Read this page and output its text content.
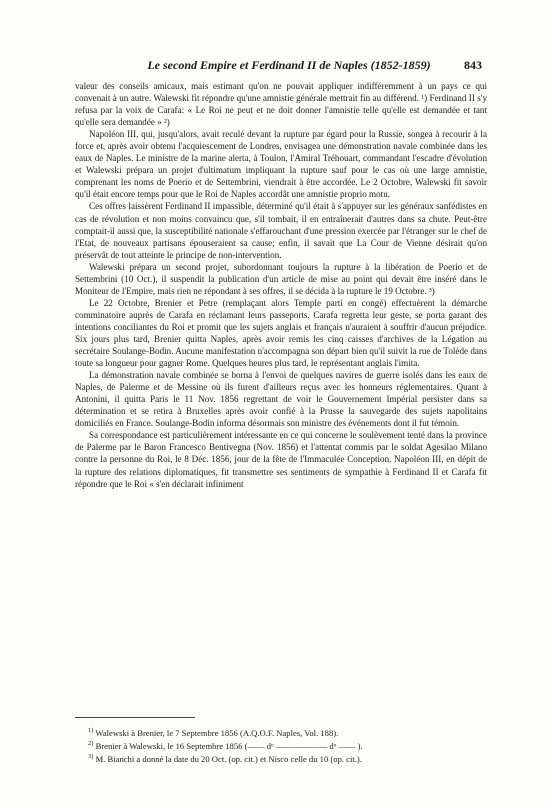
Le second Empire et Ferdinand II de Naples (1852-1859)	843

valeur des conseils amicaux, mais estimant qu'on ne pouvait appliquer indifféremment à un pays ce qui convenait à un autre. Walewski fit répondre qu'une amnistie générale mettrait fin au différend. ¹) Ferdinand II s'y refusa par la voix de Carafa: « Le Roi ne peut et ne doit donner l'amnistie telle qu'elle est demandée et tant qu'elle sera demandée » ²)

Napoléon III, qui, jusqu'alors, avait reculé devant la rupture par égard pour la Russie, songea à recourir à la force et, après avoir obtenu l'acquiescement de Londres, envisagea une démonstration navale combinée dans les eaux de Naples. Le ministre de la marine alerta, à Toulon, l'Amiral Tréhouart, commandant l'escadre d'évolution et Walewski prépara un projet d'ultimatum impliquant la rupture sauf pour le cas où une large amnistie, comprenant les noms de Poerio et de Settembrini, viendrait à être accordée. Le 2 Octobre, Walewski fit savoir qu'il était encore temps pour que le Roi de Naples accordât une amnistie proprio motu.

Ces offres laissèrent Ferdinand II impassible, déterminé qu'il était à s'appuyer sur les généraux sanfédistes en cas de révolution et non moins convaincu que, s'il tombait, il en entraînerait d'autres dans sa chute. Peut-être comptait-il aussi que, la susceptibilité nationale s'effarouchant d'une pression exercée par l'étranger sur le chef de l'Etat, de nouveaux partisans épouseraient sa cause; enfin, il savait que La Cour de Vienne désirait qu'on préservât de tout atteinte le principe de non-intervention.

Walewski prépara un second projet, subordonnant toujours la rupture à la libération de Poerio et de Settembrini (10 Oct.), il suspendit la publication d'un article de mise au point qui devait être inséré dans le Moniteur de l'Empire, mais rien ne répondant à ses offres, il se décida à la rupture le 19 Octobre. ³)

Le 22 Octobre, Brenier et Petre (remplaçant alors Temple parti en congé) effectuèrent la démarche comminatoire auprès de Carafa en réclamant leurs passeports. Carafa regretta leur geste, se porta garant des intentions conciliantes du Roi et promit que les sujets anglais et français n'auraient à souffrir d'aucun préjudice. Six jours plus tard, Brenier quitta Naples, après avoir remis les cinq caisses d'archives de la Légation au secrétaire Soulange-Bodin. Aucune manifestation n'accompagna son départ bien qu'il suivit la rue de Tolède dans toute sa longueur pour gagner Rome. Quelques heures plus tard, le représentant anglais l'imita.

La démonstration navale combinée se borna à l'envoi de quelques navires de guerre isolés dans les eaux de Naples, de Palerme et de Messine où ils furent d'ailleurs reçus avec les honneurs réglementaires. Quant à Antonini, il quitta Paris le 11 Nov. 1856 regrettant de voir le Gouvernement Impérial persister dans sa détermination et se retira à Bruxelles après avoir confié à la Prusse la sauvegarde des sujets napolitains domiciliés en France. Soulange-Bodin informa désormais son ministre des événements dont il fut témoin.

Sa correspondance est particulièrement intéressante en ce qui concerne le soulèvement tenté dans la province de Palerme par le Baron Francesco Bentivegna (Nov. 1856) et l'attentat commis par le soldat Agesilao Milano contre la personne du Roi, le 8 Déc. 1856, jour de la fête de l'Immaculée Conception. Napoléon III, en dépit de la rupture des relations diplomatiques, fit transmettre ses sentiments de sympathie à Ferdinand II et Carafa fit répondre que le Roi « s'en déclarait infiniment

$^{1)}$ Walewski à Brenier, le 7 Septembre 1856 (A.Q.O.F. Naples, Vol. 188).
$^{2)}$ Brenier à Walewski, le 16 Septembre 1856 (—— dᵒ —————— dᵒ —— ).
$^{3)}$ M. Bianchi a donné la date du 20 Oct. (op. cit.) et Nisco celle du 10 (op. cit.).
